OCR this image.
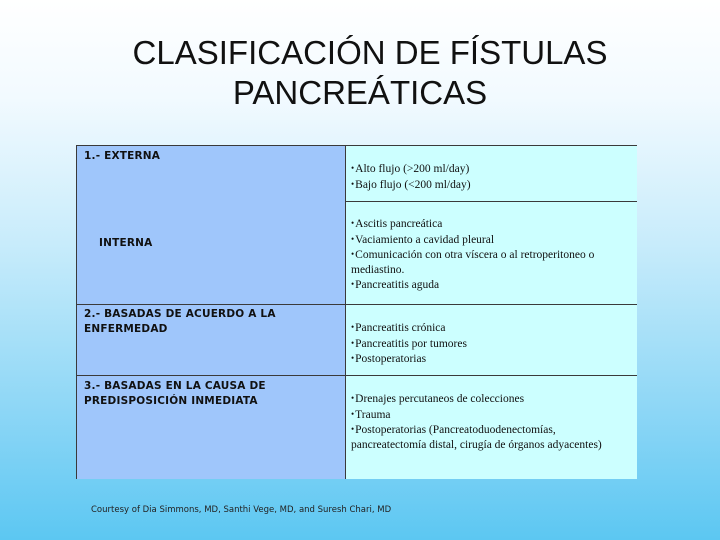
CLASIFICACIÓN DE FÍSTULAS
PANCREÁTICAS
1.- EXTERNA
INTERNA
2.- BASADAS DE ACUERDO A LA
ENFERMEDAD
3.- BASADAS EN LA CAUSA DE
PREDISPOSICIÓN INMEDIATA
•Alto flujo (>200 ml/day)
•Bajo flujo (<200 ml/day)
•Ascitis pancreática
•Vaciamiento a cavidad pleural
•Comunicación con otra víscera o al retroperitoneo o
mediastino.
•Pancreatitis aguda
•Pancreatitis crónica
•Pancreatitis por tumores
•Postoperatorias
•Drenajes percutaneos de colecciones
•Trauma
•Postoperatorias (Pancreatoduodenectomías,
pancreatectomía distal, cirugía de órganos adyacentes)
Courtesy of Dia Simmons, MD, Santhi Vege, MD, and Suresh Chari, MD
